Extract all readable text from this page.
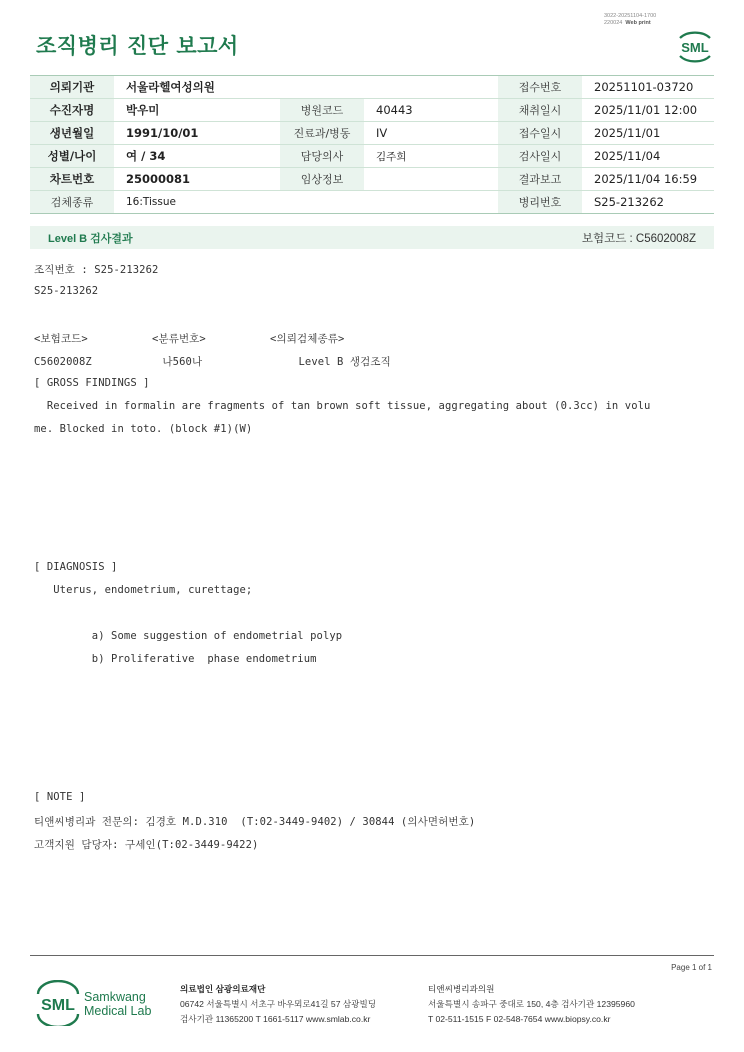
조직병리 진단 보고서
3022-20251104-1700
220024 Web print
SML
의뢰기관	서울라헬여성의원			접수번호	20251101-03720
수진자명	박우미	병원코드	40443	채취일시	2025/11/01 12:00
생년월일	1991/10/01	진료과/병동	IV	접수일시	2025/11/01
성별/나이	여 / 34	담당의사	김주희	검사일시	2025/11/04
차트번호	25000081	임상정보		결과보고	2025/11/04 16:59
검체종류	16:Tissue			병리번호	S25-213262
Level B 검사결과	보험코드 : C5602008Z
조직번호 : S25-213262
S25-213262
<보험코드>          <분류번호>          <의뢰검체종류>
C5602008Z           나560나               Level B 생검조직
[ GROSS FINDINGS ]
Received in formalin are fragments of tan brown soft tissue, aggregating about (0.3cc) in volu
me. Blocked in toto. (block #1)(W)
[ DIAGNOSIS ]
Uterus, endometrium, curettage;
a) Some suggestion of endometrial polyp
b) Proliferative  phase endometrium
[ NOTE ]
티앤씨병리과 전문의: 김경호 M.D.310  (T:02-3449-9402) / 30844 (의사면허번호)
고객지원 담당자: 구세인(T:02-3449-9422)
Page 1 of 1
SML Samkwang
Medical Lab
의료법인 삼광의료재단
06742 서울특별시 서초구 바우뫼로41길 57 삼광빌딩
검사기관 11365200 T 1661-5117 www.smlab.co.kr
티앤씨병리과의원
서울특별시 송파구 중대로 150, 4층 검사기관 12395960
T 02-511-1515 F 02-548-7654 www.biopsy.co.kr
